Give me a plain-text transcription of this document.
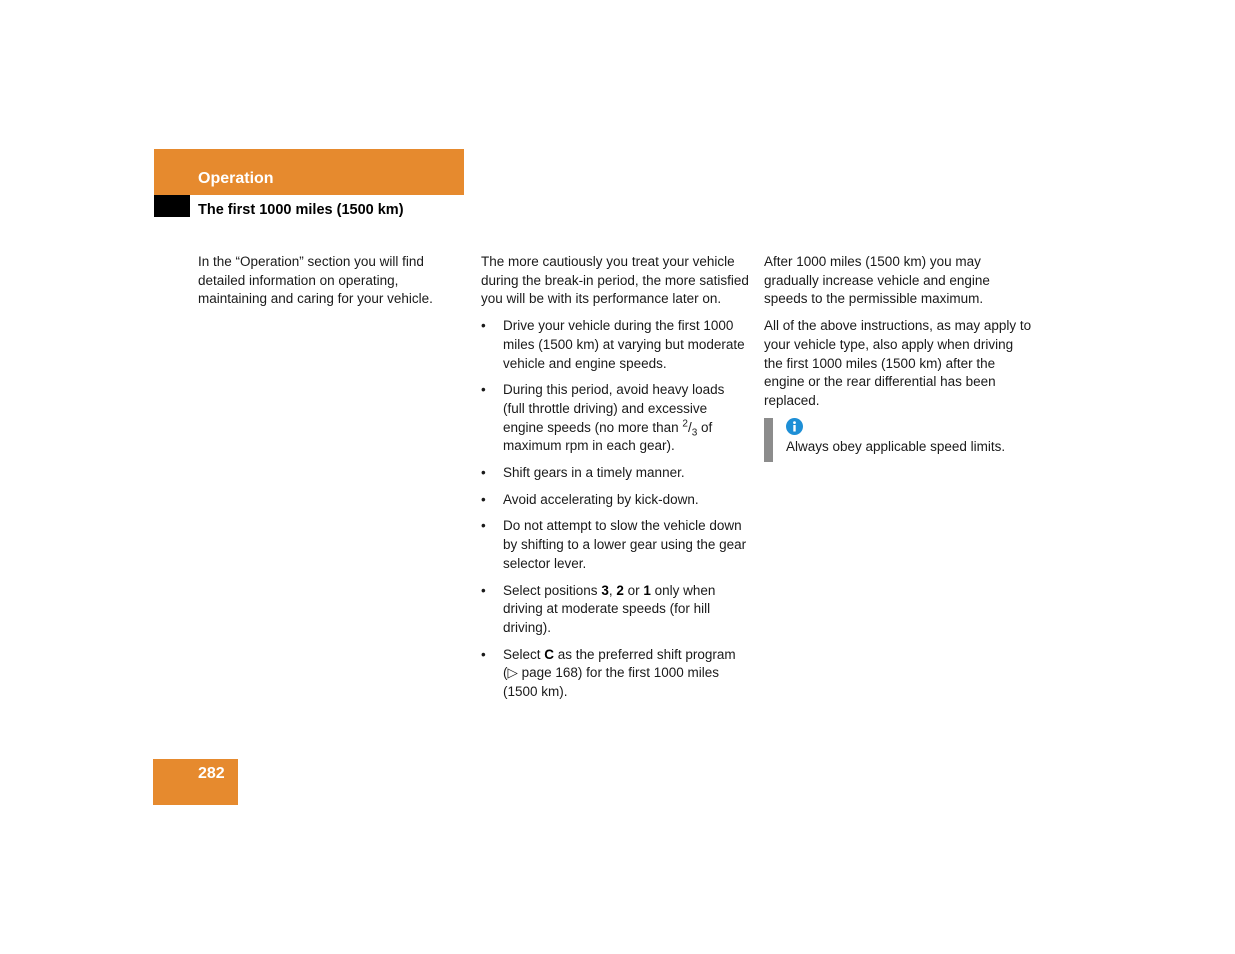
Operation
The first 1000 miles (1500 km)

In the “Operation” section you will find detailed information on operating, maintaining and caring for your vehicle.

The more cautiously you treat your vehicle during the break-in period, the more satisfied you will be with its performance later on.

• Drive your vehicle during the first 1000 miles (1500 km) at varying but moderate vehicle and engine speeds.
• During this period, avoid heavy loads (full throttle driving) and excessive engine speeds (no more than $^2/_3$ of maximum rpm in each gear).
• Shift gears in a timely manner.
• Avoid accelerating by kick-down.
• Do not attempt to slow the vehicle down by shifting to a lower gear using the gear selector lever.
• Select positions 3, 2 or 1 only when driving at moderate speeds (for hill driving).
• Select C as the preferred shift program (▷ page 168) for the first 1000 miles (1500 km).

After 1000 miles (1500 km) you may gradually increase vehicle and engine speeds to the permissible maximum.

All of the above instructions, as may apply to your vehicle type, also apply when driving the first 1000 miles (1500 km) after the engine or the rear differential has been replaced.

Always obey applicable speed limits.
282
